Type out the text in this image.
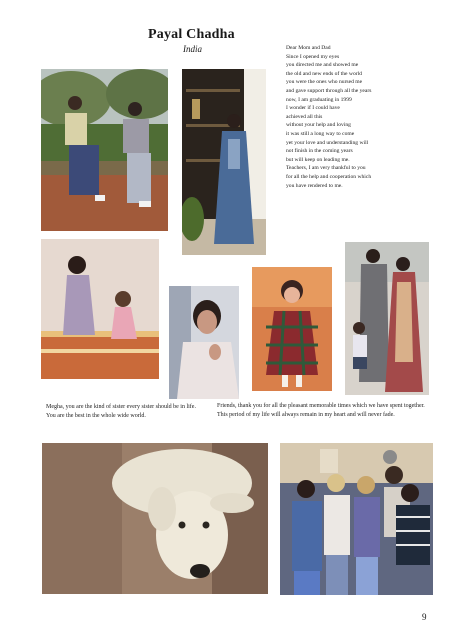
Payal Chadha
India	Dear Mom and Dad
Since I opened my eyes
you directed me and showed me
the old and new ends of the world
you were the ones who nursed me
and gave support through all the years
now, I am graduating in 1999
I wonder if I could have
achieved all this
without your help and loving
it was still a long way to come
yet your love and understanding will
not finish in the coming years
but will keep on leading me.
Teachers, I am very thankful to you
for all the help and cooperation which
you have rendered to me.
Megha, you are the kind of sister every sister should be in life. You are the best in the whole wide world.
Friends, thank you for all the pleasant memorable times which we have spent together. This period of my life will always remain in my heart and will never fade.
9
